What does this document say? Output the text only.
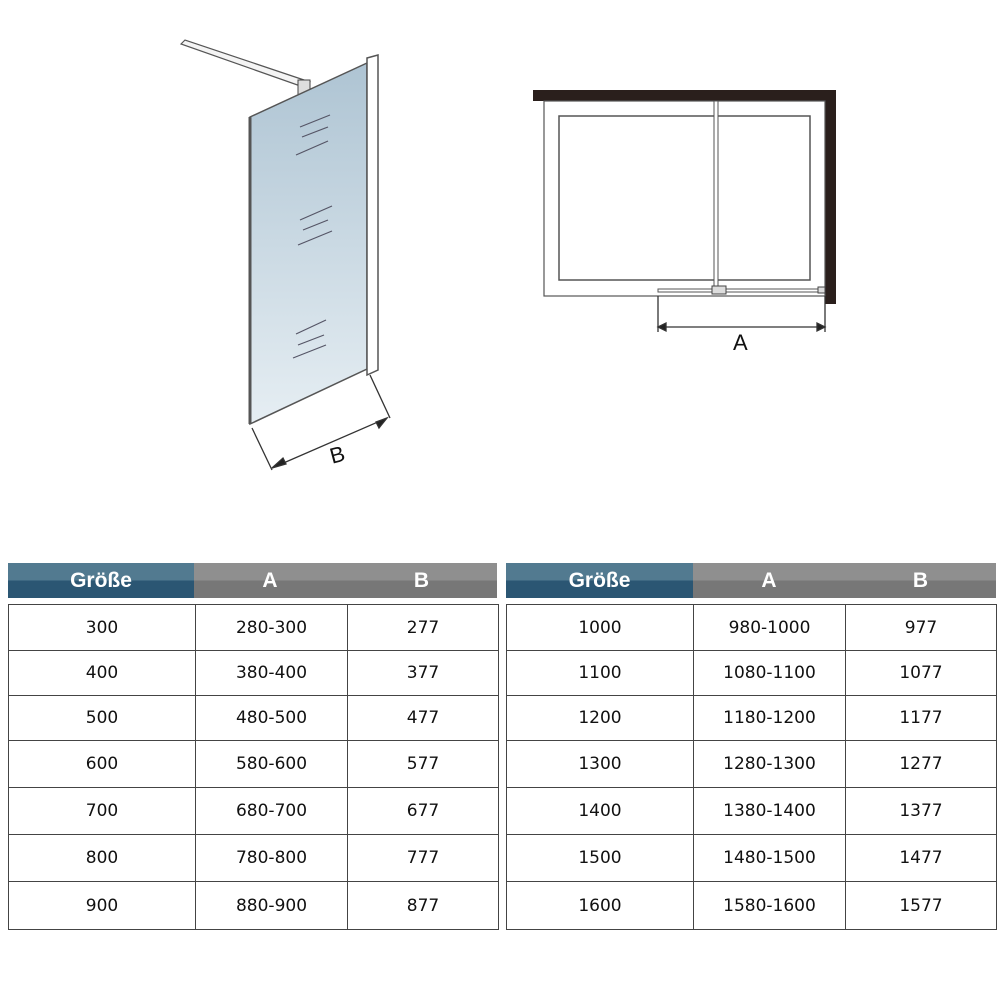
B
A
Größe	A	B
300	280-300	277
400	380-400	377
500	480-500	477
600	580-600	577
700	680-700	677
800	780-800	777
900	880-900	877
Größe	A	B
1000	980-1000	977
1100	1080-1100	1077
1200	1180-1200	1177
1300	1280-1300	1277
1400	1380-1400	1377
1500	1480-1500	1477
1600	1580-1600	1577
